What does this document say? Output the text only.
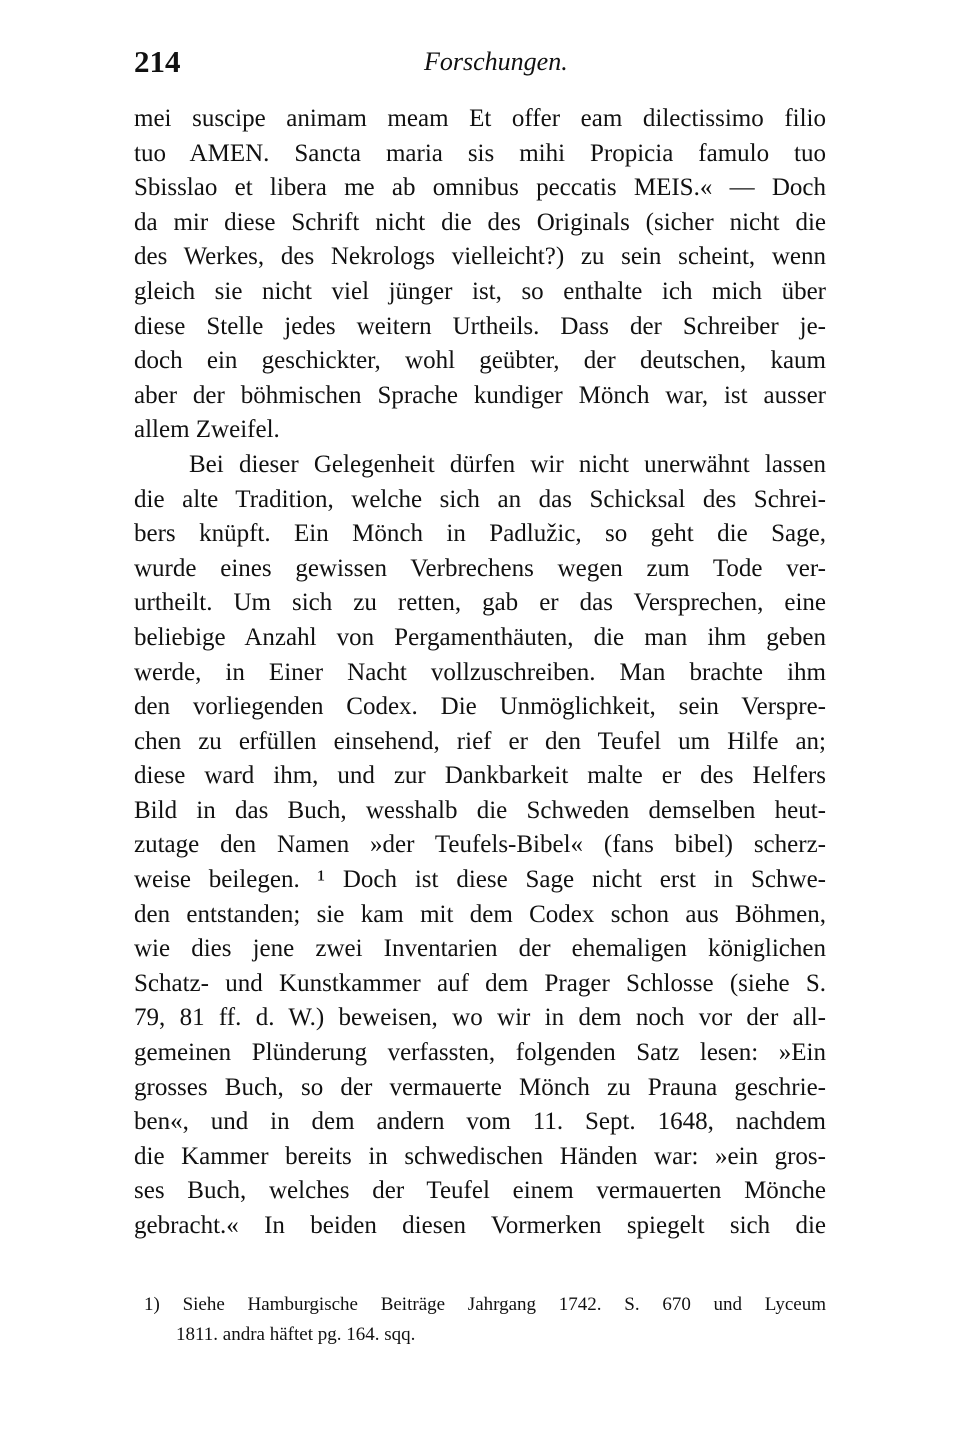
214	Forschungen.
mei suscipe animam meam Et offer eam dilectissimo filio
tuo AMEN. Sancta maria sis mihi Propicia famulo tuo
Sbisslao et libera me ab omnibus peccatis MEIS.« — Doch
da mir diese Schrift nicht die des Originals (sicher nicht die
des Werkes, des Nekrologs vielleicht?) zu sein scheint, wenn
gleich sie nicht viel jünger ist, so enthalte ich mich über
diese Stelle jedes weitern Urtheils. Dass der Schreiber je-
doch ein geschickter, wohl geübter, der deutschen, kaum
aber der böhmischen Sprache kundiger Mönch war, ist ausser
allem Zweifel.
Bei dieser Gelegenheit dürfen wir nicht unerwähnt lassen
die alte Tradition, welche sich an das Schicksal des Schrei-
bers knüpft. Ein Mönch in Padlužic, so geht die Sage,
wurde eines gewissen Verbrechens wegen zum Tode ver-
urtheilt. Um sich zu retten, gab er das Versprechen, eine
beliebige Anzahl von Pergamenthäuten, die man ihm geben
werde, in Einer Nacht vollzuschreiben. Man brachte ihm
den vorliegenden Codex. Die Unmöglichkeit, sein Verspre-
chen zu erfüllen einsehend, rief er den Teufel um Hilfe an;
diese ward ihm, und zur Dankbarkeit malte er des Helfers
Bild in das Buch, wesshalb die Schweden demselben heut-
zutage den Namen »der Teufels-Bibel« (fans bibel) scherz-
weise beilegen. ¹ Doch ist diese Sage nicht erst in Schwe-
den entstanden; sie kam mit dem Codex schon aus Böhmen,
wie dies jene zwei Inventarien der ehemaligen königlichen
Schatz- und Kunstkammer auf dem Prager Schlosse (siehe S.
79, 81 ff. d. W.) beweisen, wo wir in dem noch vor der all-
gemeinen Plünderung verfassten, folgenden Satz lesen: »Ein
grosses Buch, so der vermauerte Mönch zu Prauna geschrie-
ben«, und in dem andern vom 11. Sept. 1648, nachdem
die Kammer bereits in schwedischen Händen war: »ein gros-
ses Buch, welches der Teufel einem vermauerten Mönche
gebracht.« In beiden diesen Vormerken spiegelt sich die
1) Siehe Hamburgische Beiträge Jahrgang 1742. S. 670 und Lyceum
1811. andra häftet pg. 164. sqq.
